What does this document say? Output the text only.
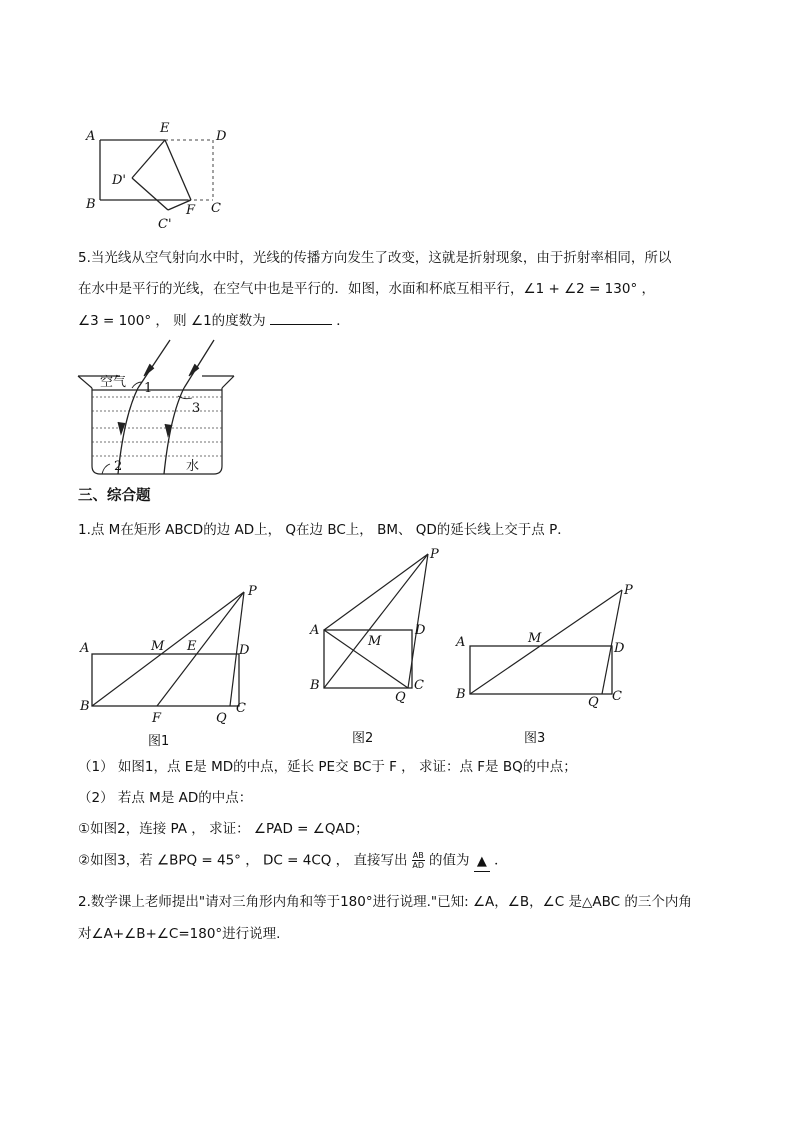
A
E
D
D'
B
C'
F C
5.当光线从空气射向水中时，光线的传播方向发生了改变，这就是折射现象，由于折射率相同，所以
在水中是平行的光线，在空气中也是平行的．如图，水面和杯底互相平行，∠1 + ∠2 = 130° ，
∠3 = 100° ， 则 ∠1的度数为	．
空气
水
1
3
2
三、综合题
1.点 M在矩形 ABCD的边 AD上， Q在边 BC上， BM、 QD的延长线上交于点 P．
A	M E	D
P
B
F	Q
C
图1
A
M
D
P
B
Q
C
图2
A	M
D
P
B
Q C
图3
（1） 如图1，点 E是 MD的中点，延长 PE交 BC于 F ， 求证：点 F是 BQ的中点；
（2） 若点 M是 AD的中点：
①如图2，连接 PA ， 求证： ∠PAD = ∠QAD；
②如图3，若 ∠BPQ = 45° ， DC = 4CQ ， 直接写出 $\frac{AB}{AD}$ 的值为 ▲ ．
2.数学课上老师提出"请对三角形内角和等于180°进行说理."已知: ∠A，∠B，∠C 是△ABC 的三个内角
对∠A+∠B+∠C=180°进行说理.
